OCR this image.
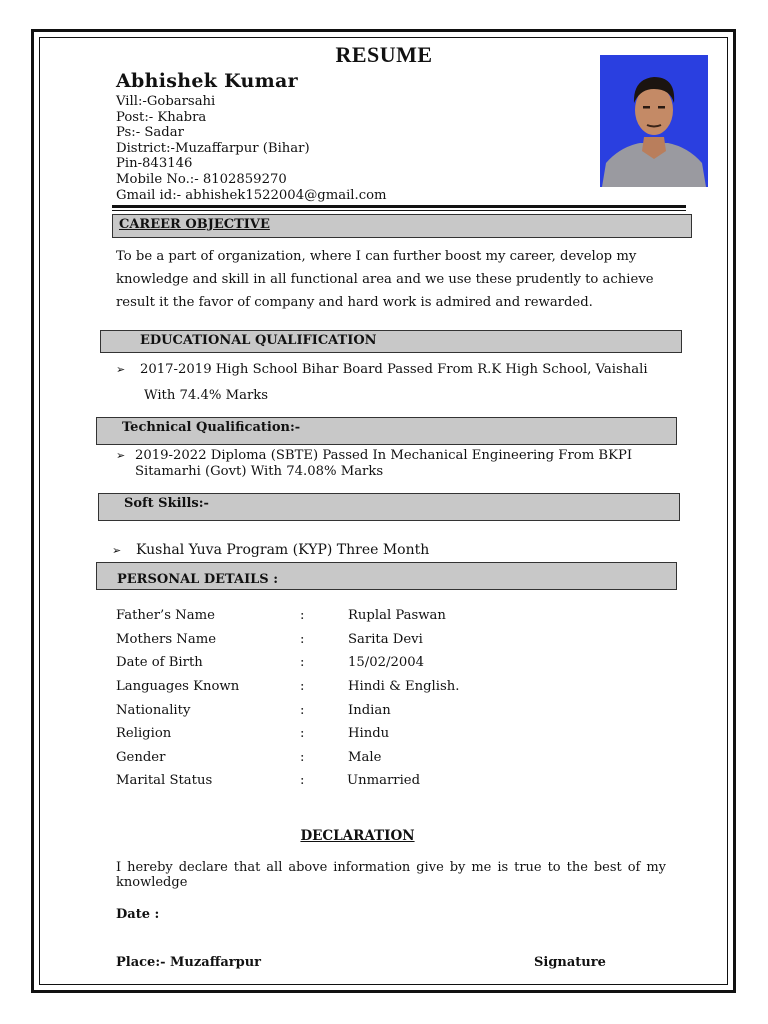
RESUME
Abhishek Kumar
Vill:-Gobarsahi
Post:- Khabra
Ps:- Sadar
District:-Muzaffarpur (Bihar)
Pin-843146
Mobile No.:- 8102859270
Gmail id:- abhishek1522004@gmail.com
CAREER OBJECTIVE
To be a part of organization, where I can further boost my career, develop my knowledge and skill in all functional area and we use these prudently to achieve result it the favor of company and hard work is admired and rewarded.
EDUCATIONAL QUALIFICATION
➢ 2017-2019 High School Bihar Board Passed From R.K High School, Vaishali
With 74.4% Marks
Technical Qualification:-
➢ 2019-2022 Diploma (SBTE) Passed In Mechanical Engineering From BKPI
Sitamarhi (Govt) With 74.08% Marks
Soft Skills:-
➢ Kushal Yuva Program (KYP) Three Month
PERSONAL DETAILS :
Father’s Name	:	Ruplal Paswan
Mothers Name	:	Sarita Devi
Date of Birth	:	15/02/2004
Languages Known	:	Hindi & English.
Nationality	:	Indian
Religion	:	Hindu
Gender	:	Male
Marital Status	:	Unmarried
DECLARATION
I hereby declare that all above information give by me is true to the best of my knowledge
Date :
Place:- Muzaffarpur	Signature
